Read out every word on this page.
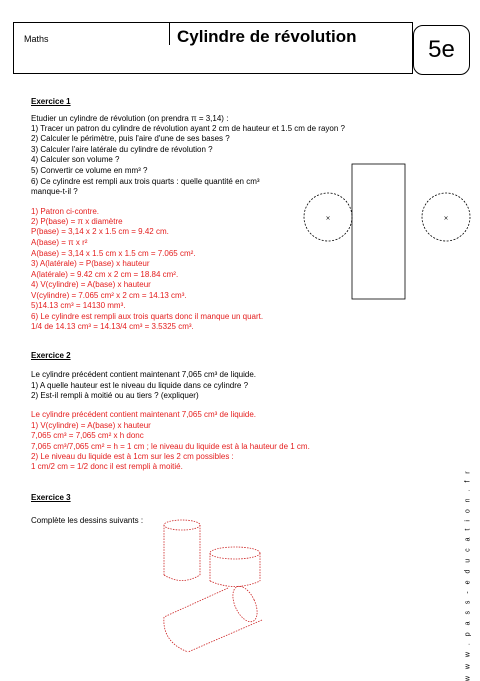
Maths	Cylindre de révolution	5e
Exercice 1
Etudier un cylindre de révolution (on prendra π = 3,14) :
1) Tracer un patron du cylindre de révolution ayant 2 cm de hauteur et 1.5 cm de rayon ?
2) Calculer le périmètre, puis l'aire d'une de ses bases ?
3) Calculer l'aire latérale du cylindre de révolution ?
4) Calculer son volume ?
5) Convertir ce volume en mm³ ?
6) Ce cylindre est rempli aux trois quarts : quelle quantité en cm³
manque-t-il ?
1) Patron ci-contre.
2) P(base) = π x diamètre
P(base) = 3,14 x 2 x 1.5 cm = 9.42 cm.
A(base) = π x r²
A(base) = 3,14 x 1.5 cm x 1.5 cm = 7.065 cm².
3) A(latérale) = P(base) x hauteur
A(latérale) = 9.42 cm x 2 cm = 18.84 cm².
4) V(cylindre) = A(base) x hauteur
V(cylindre) = 7.065 cm² x 2 cm = 14.13 cm³.
5)14.13 cm³ = 14130 mm³.
6) Le cylindre est rempli aux trois quarts donc il manque un quart.
1/4 de 14.13 cm³ = 14.13/4 cm³ = 3.5325 cm³.
Exercice 2
Le cylindre précédent contient maintenant 7,065 cm³ de liquide.
1) A quelle hauteur est le niveau du liquide dans ce cylindre ?
2) Est-il rempli à moitié ou au tiers ? (expliquer)
Le cylindre précédent contient maintenant 7,065 cm³ de liquide.
1) V(cylindre) = A(base) x hauteur
7,065 cm³ = 7,065 cm² x h donc
7,065 cm³/7,065 cm² = h = 1 cm ; le niveau du liquide est à la hauteur de 1 cm.
2) Le niveau du liquide est à 1cm sur les 2 cm possibles :
1 cm/2 cm = 1/2 donc il est rempli à moitié.
Exercice 3
Complète les dessins suivants :
×	×
w w w . p a s s - e d u c a t i o n . f r
